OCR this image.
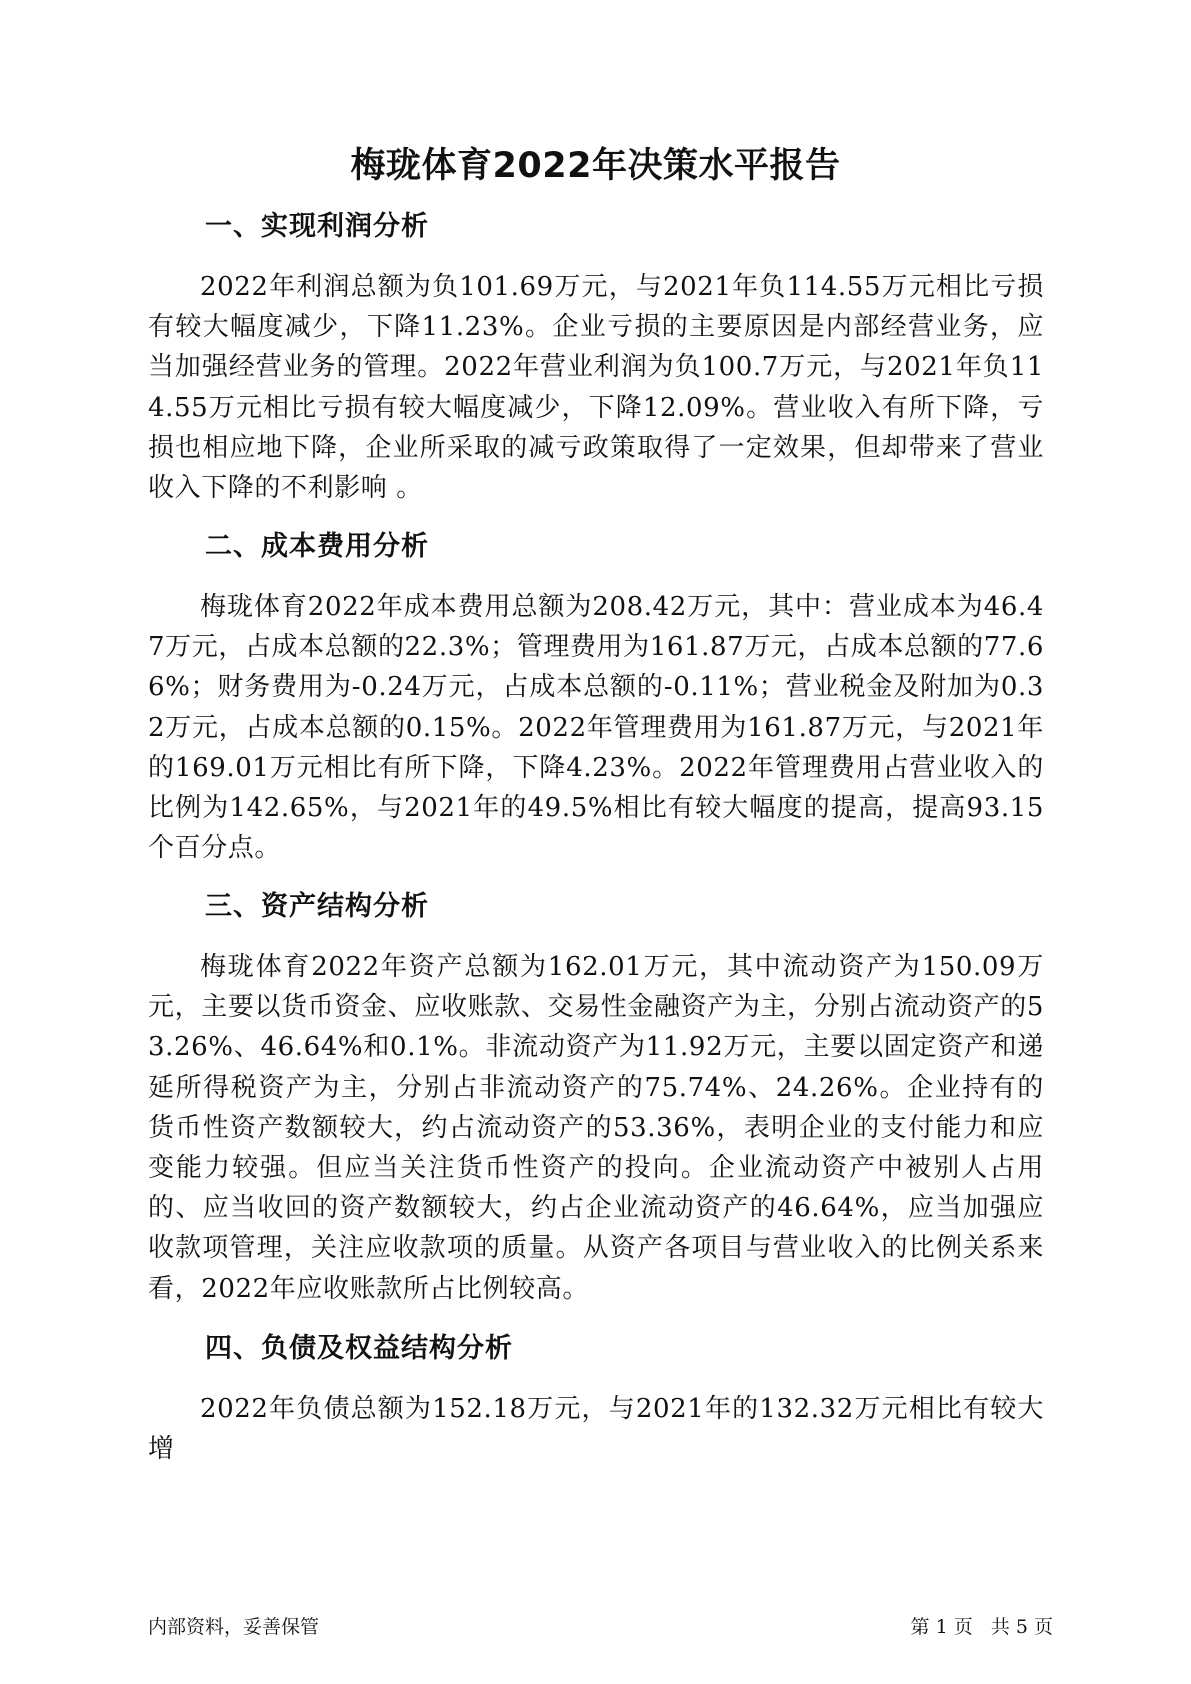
梅珑体育2022年决策水平报告
一、实现利润分析

2022年利润总额为负101.69万元，与2021年负114.55万元相比亏损有较大幅度减少，下降11.23%。企业亏损的主要原因是内部经营业务，应当加强经营业务的管理。2022年营业利润为负100.7万元，与2021年负114.55万元相比亏损有较大幅度减少，下降12.09%。营业收入有所下降，亏损也相应地下降，企业所采取的减亏政策取得了一定效果，但却带来了营业收入下降的不利影响 。

二、成本费用分析

梅珑体育2022年成本费用总额为208.42万元，其中：营业成本为46.47万元，占成本总额的22.3%；管理费用为161.87万元，占成本总额的77.66%；财务费用为-0.24万元，占成本总额的-0.11%；营业税金及附加为0.32万元，占成本总额的0.15%。2022年管理费用为161.87万元，与2021年的169.01万元相比有所下降，下降4.23%。2022年管理费用占营业收入的比例为142.65%，与2021年的49.5%相比有较大幅度的提高，提高93.15个百分点。

三、资产结构分析

梅珑体育2022年资产总额为162.01万元，其中流动资产为150.09万元，主要以货币资金、应收账款、交易性金融资产为主，分别占流动资产的53.26%、46.64%和0.1%。非流动资产为11.92万元，主要以固定资产和递延所得税资产为主，分别占非流动资产的75.74%、24.26%。企业持有的货币性资产数额较大，约占流动资产的53.36%，表明企业的支付能力和应变能力较强。但应当关注货币性资产的投向。企业流动资产中被别人占用的、应当收回的资产数额较大，约占企业流动资产的46.64%，应当加强应收款项管理，关注应收款项的质量。从资产各项目与营业收入的比例关系来看，2022年应收账款所占比例较高。

四、负债及权益结构分析

2022年负债总额为152.18万元，与2021年的132.32万元相比有较大增

内部资料，妥善保管	第 1 页   共 5 页
